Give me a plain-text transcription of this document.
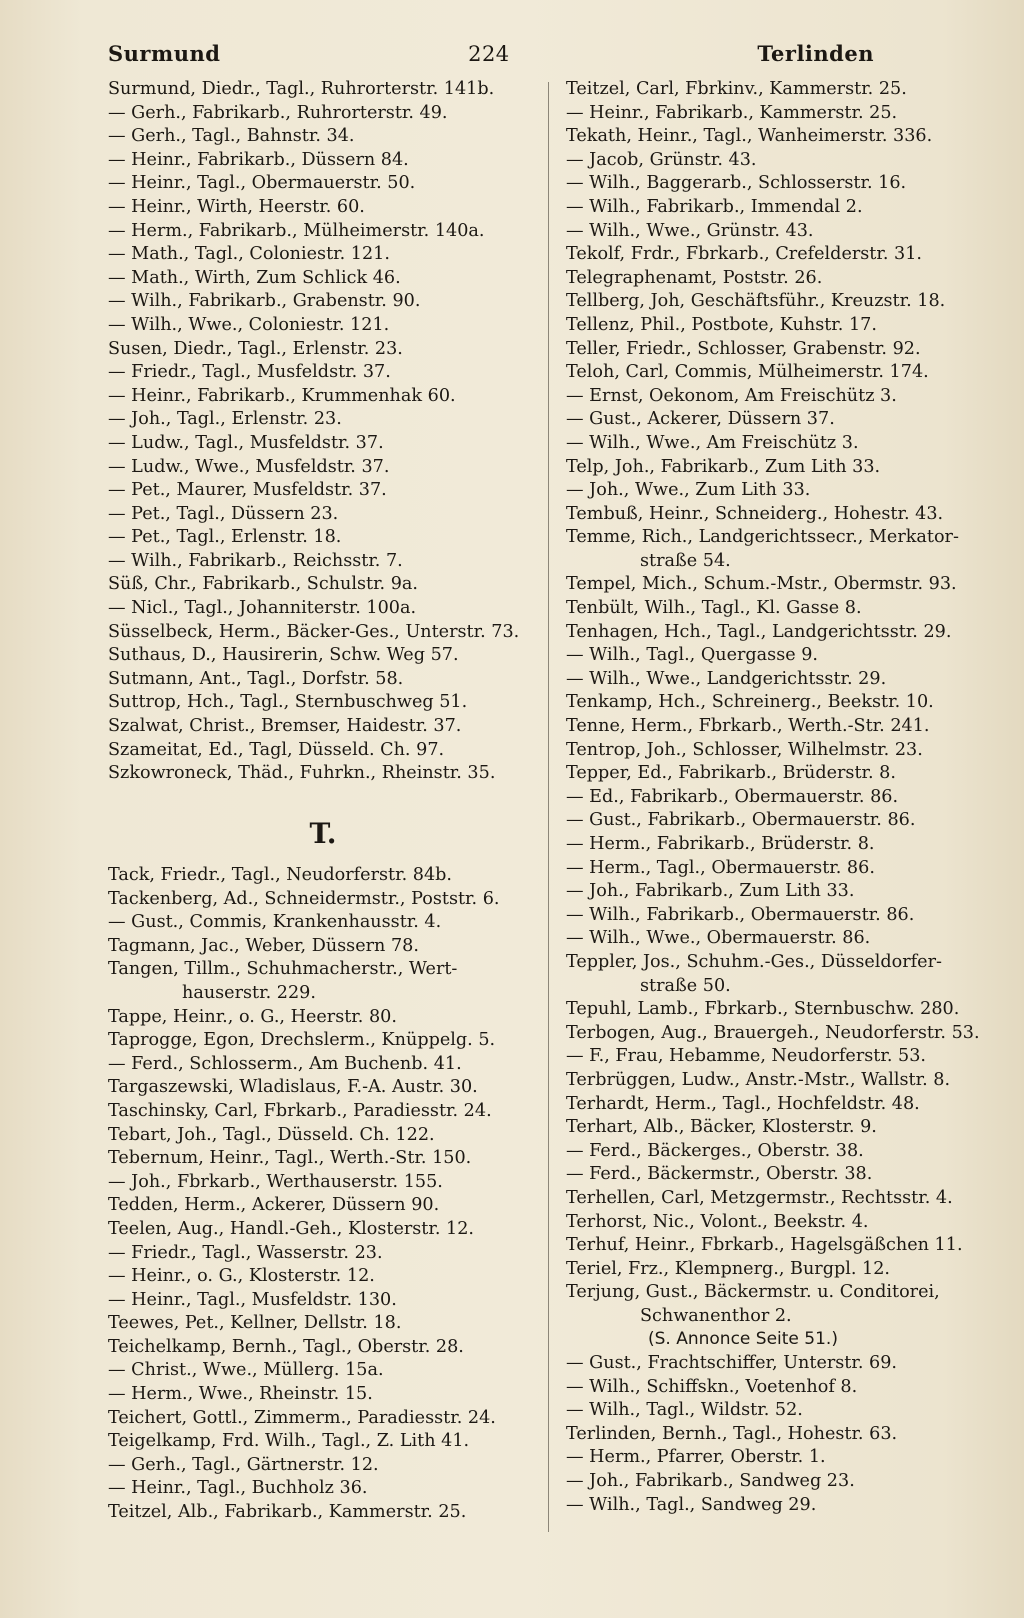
Surmund	224	Terlinden
Surmund, Diedr., Tagl., Ruhrorterstr. 141b.
— Gerh., Fabrikarb., Ruhrorterstr. 49.
— Gerh., Tagl., Bahnstr. 34.
— Heinr., Fabrikarb., Düssern 84.
— Heinr., Tagl., Obermauerstr. 50.
— Heinr., Wirth, Heerstr. 60.
— Herm., Fabrikarb., Mülheimerstr. 140a.
— Math., Tagl., Coloniestr. 121.
— Math., Wirth, Zum Schlick 46.
— Wilh., Fabrikarb., Grabenstr. 90.
— Wilh., Wwe., Coloniestr. 121.
Susen, Diedr., Tagl., Erlenstr. 23.
— Friedr., Tagl., Musfeldstr. 37.
— Heinr., Fabrikarb., Krummenhak 60.
— Joh., Tagl., Erlenstr. 23.
— Ludw., Tagl., Musfeldstr. 37.
— Ludw., Wwe., Musfeldstr. 37.
— Pet., Maurer, Musfeldstr. 37.
— Pet., Tagl., Düssern 23.
— Pet., Tagl., Erlenstr. 18.
— Wilh., Fabrikarb., Reichsstr. 7.
Süß, Chr., Fabrikarb., Schulstr. 9a.
— Nicl., Tagl., Johanniterstr. 100a.
Süsselbeck, Herm., Bäcker-Ges., Unterstr. 73.
Suthaus, D., Hausirerin, Schw. Weg 57.
Sutmann, Ant., Tagl., Dorfstr. 58.
Suttrop, Hch., Tagl., Sternbuschweg 51.
Szalwat, Christ., Bremser, Haidestr. 37.
Szameitat, Ed., Tagl, Düsseld. Ch. 97.
Szkowroneck, Thäd., Fuhrkn., Rheinstr. 35.
T.
Tack, Friedr., Tagl., Neudorferstr. 84b.
Tackenberg, Ad., Schneidermstr., Poststr. 6.
— Gust., Commis, Krankenhausstr. 4.
Tagmann, Jac., Weber, Düssern 78.
Tangen, Tillm., Schuhmacherstr., Wert-
hauserstr. 229.
Tappe, Heinr., o. G., Heerstr. 80.
Taprogge, Egon, Drechslerm., Knüppelg. 5.
— Ferd., Schlosserm., Am Buchenb. 41.
Targaszewski, Wladislaus, F.-A. Austr. 30.
Taschinsky, Carl, Fbrkarb., Paradiesstr. 24.
Tebart, Joh., Tagl., Düsseld. Ch. 122.
Tebernum, Heinr., Tagl., Werth.-Str. 150.
— Joh., Fbrkarb., Werthauserstr. 155.
Tedden, Herm., Ackerer, Düssern 90.
Teelen, Aug., Handl.-Geh., Klosterstr. 12.
— Friedr., Tagl., Wasserstr. 23.
— Heinr., o. G., Klosterstr. 12.
— Heinr., Tagl., Musfeldstr. 130.
Teewes, Pet., Kellner, Dellstr. 18.
Teichelkamp, Bernh., Tagl., Oberstr. 28.
— Christ., Wwe., Müllerg. 15a.
— Herm., Wwe., Rheinstr. 15.
Teichert, Gottl., Zimmerm., Paradiesstr. 24.
Teigelkamp, Frd. Wilh., Tagl., Z. Lith 41.
— Gerh., Tagl., Gärtnerstr. 12.
— Heinr., Tagl., Buchholz 36.
Teitzel, Alb., Fabrikarb., Kammerstr. 25.
Teitzel, Carl, Fbrkinv., Kammerstr. 25.
— Heinr., Fabrikarb., Kammerstr. 25.
Tekath, Heinr., Tagl., Wanheimerstr. 336.
— Jacob, Grünstr. 43.
— Wilh., Baggerarb., Schlosserstr. 16.
— Wilh., Fabrikarb., Immendal 2.
— Wilh., Wwe., Grünstr. 43.
Tekolf, Frdr., Fbrkarb., Crefelderstr. 31.
Telegraphenamt, Poststr. 26.
Tellberg, Joh, Geschäftsführ., Kreuzstr. 18.
Tellenz, Phil., Postbote, Kuhstr. 17.
Teller, Friedr., Schlosser, Grabenstr. 92.
Teloh, Carl, Commis, Mülheimerstr. 174.
— Ernst, Oekonom, Am Freischütz 3.
— Gust., Ackerer, Düssern 37.
— Wilh., Wwe., Am Freischütz 3.
Telp, Joh., Fabrikarb., Zum Lith 33.
— Joh., Wwe., Zum Lith 33.
Tembuß, Heinr., Schneiderg., Hohestr. 43.
Temme, Rich., Landgerichtssecr., Merkator-
straße 54.
Tempel, Mich., Schum.-Mstr., Obermstr. 93.
Tenbült, Wilh., Tagl., Kl. Gasse 8.
Tenhagen, Hch., Tagl., Landgerichtsstr. 29.
— Wilh., Tagl., Quergasse 9.
— Wilh., Wwe., Landgerichtsstr. 29.
Tenkamp, Hch., Schreinerg., Beekstr. 10.
Tenne, Herm., Fbrkarb., Werth.-Str. 241.
Tentrop, Joh., Schlosser, Wilhelmstr. 23.
Tepper, Ed., Fabrikarb., Brüderstr. 8.
— Ed., Fabrikarb., Obermauerstr. 86.
— Gust., Fabrikarb., Obermauerstr. 86.
— Herm., Fabrikarb., Brüderstr. 8.
— Herm., Tagl., Obermauerstr. 86.
— Joh., Fabrikarb., Zum Lith 33.
— Wilh., Fabrikarb., Obermauerstr. 86.
— Wilh., Wwe., Obermauerstr. 86.
Teppler, Jos., Schuhm.-Ges., Düsseldorfer-
straße 50.
Tepuhl, Lamb., Fbrkarb., Sternbuschw. 280.
Terbogen, Aug., Brauergeh., Neudorferstr. 53.
— F., Frau, Hebamme, Neudorferstr. 53.
Terbrüggen, Ludw., Anstr.-Mstr., Wallstr. 8.
Terhardt, Herm., Tagl., Hochfeldstr. 48.
Terhart, Alb., Bäcker, Klosterstr. 9.
— Ferd., Bäckerges., Oberstr. 38.
— Ferd., Bäckermstr., Oberstr. 38.
Terhellen, Carl, Metzgermstr., Rechtsstr. 4.
Terhorst, Nic., Volont., Beekstr. 4.
Terhuf, Heinr., Fbrkarb., Hagelsgäßchen 11.
Teriel, Frz., Klempnerg., Burgpl. 12.
Terjung, Gust., Bäckermstr. u. Conditorei,
Schwanenthor 2.
(S. Annonce Seite 51.)
— Gust., Frachtschiffer, Unterstr. 69.
— Wilh., Schiffskn., Voetenhof 8.
— Wilh., Tagl., Wildstr. 52.
Terlinden, Bernh., Tagl., Hohestr. 63.
— Herm., Pfarrer, Oberstr. 1.
— Joh., Fabrikarb., Sandweg 23.
— Wilh., Tagl., Sandweg 29.
